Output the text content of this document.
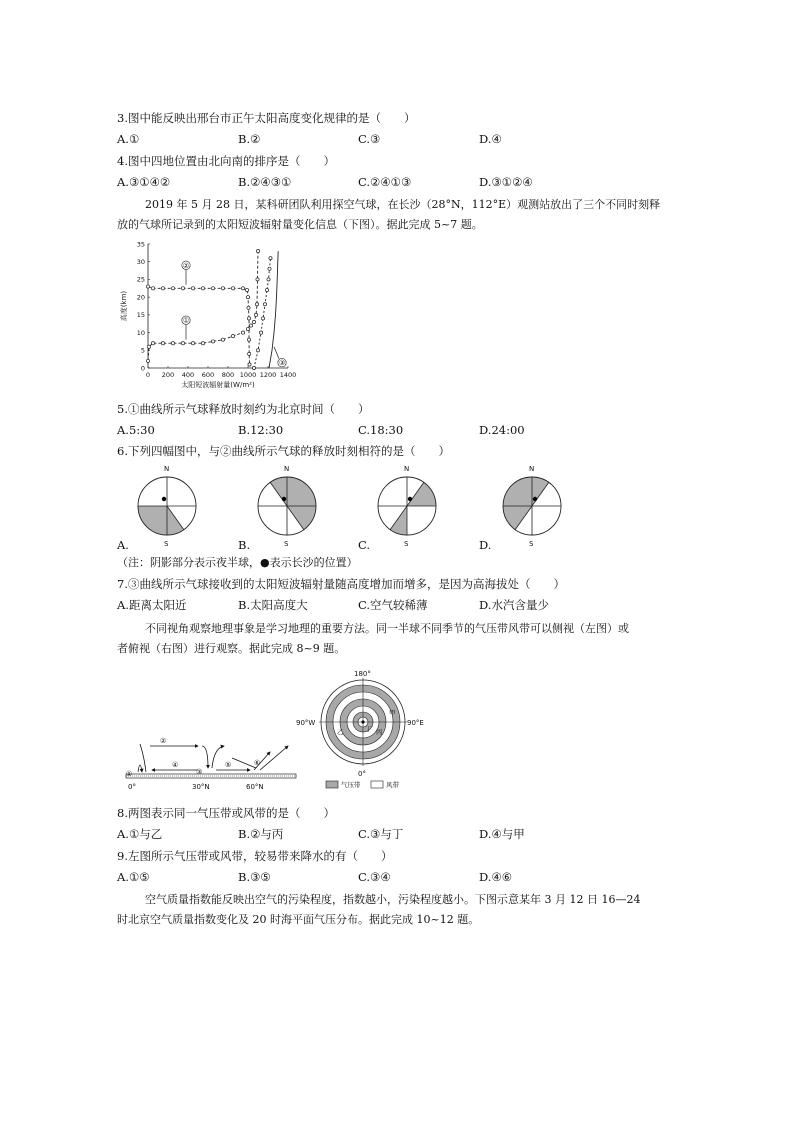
3.图中能反映出邢台市正午太阳高度变化规律的是（　　）
A.①	B.②	C.③	D.④
4.图中四地位置由北向南的排序是（　　）
A.③①④②	B.②④③①	C.②④①③	D.③①②④
2019 年 5 月 28 日，某科研团队利用探空气球，在长沙（28°N，112°E）观测站放出了三个不同时刻释
放的气球所记录到的太阳短波辐射量变化信息（下图）。据此完成 5~7 题。
0 200 400 600 800 1000 1200 1400
0
5
10
15
20
25
30
35
太阳短波辐射量(W/m²)
高度(km)
②
①
③
5.①曲线所示气球释放时刻约为北京时间（　　）
A.5:30	B.12:30	C.18:30	D.24:00
6.下列四幅图中，与②曲线所示气球的释放时刻相符的是（　　）
N
S
N
S
N
S
N
S
A.	B.	C.	D.
（注：阴影部分表示夜半球，●表示长沙的位置）
7.③曲线所示气球接收到的太阳短波辐射量随高度增加而增多，是因为高海拔处（　　）
A.距离太阳近	B.太阳高度大	C.空气较稀薄	D.水汽含量少
不同视角观察地理事象是学习地理的重要方法。同一半球不同季节的气压带风带可以侧视（左图）或
者俯视（右图）进行观察。据此完成 8~9 题。
①
②
③
④	⑤	⑥
0°	30°N	60°N
甲
乙	丙
丁
180°
0°
90°W	90°E
气压带	风带
8.两图表示同一气压带或风带的是（　　）
A.①与乙	B.②与丙	C.③与丁	D.④与甲
9.左图所示气压带或风带，较易带来降水的有（　　）
A.①⑤	B.③⑤	C.③④	D.④⑥
空气质量指数能反映出空气的污染程度，指数越小，污染程度越小。下图示意某年 3 月 12 日 16—24
时北京空气质量指数变化及 20 时海平面气压分布。据此完成 10~12 题。
